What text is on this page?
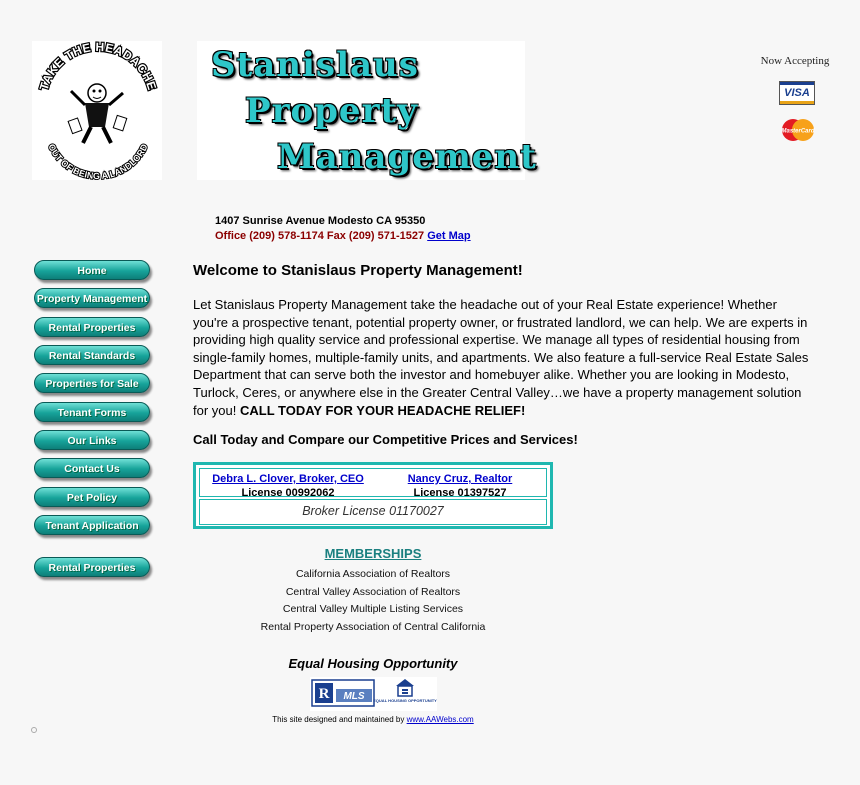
TAKE THE HEADACHE
OUT OF BEING A LANDLORD
Stanislaus
Property
Management
Now Accepting
VISA
MasterCard
1407 Sunrise Avenue Modesto CA 95350
Office (209) 578-1174 Fax (209) 571-1527 Get Map
Home
Property Management
Rental Properties
Rental Standards
Properties for Sale
Tenant Forms
Our Links
Contact Us
Pet Policy
Tenant Application
Rental Properties
Welcome to Stanislaus Property Management!
Let Stanislaus Property Management take the headache out of your Real Estate experience! Whether you're a prospective tenant, potential property owner, or frustrated landlord, we can help. We are experts in providing high quality service and professional expertise. We manage all types of residential housing from single-family homes, multiple-family units, and apartments. We also feature a full-service Real Estate Sales Department that can serve both the investor and homebuyer alike. Whether you are looking in Modesto, Turlock, Ceres, or anywhere else in the Greater Central Valley…we have a property management solution for you! CALL TODAY FOR YOUR HEADACHE RELIEF!
Call Today and Compare our Competitive Prices and Services!
Debra L. Clover, Broker, CEO
License 00992062
Nancy Cruz, Realtor
License 01397527
Broker License 01170027
MEMBERSHIPS
California Association of Realtors
Central Valley Association of Realtors
Central Valley Multiple Listing Services
Rental Property Association of Central California
Equal Housing Opportunity
R MLS EQUAL HOUSING OPPORTUNITY
This site designed and maintained by www.AAWebs.com
